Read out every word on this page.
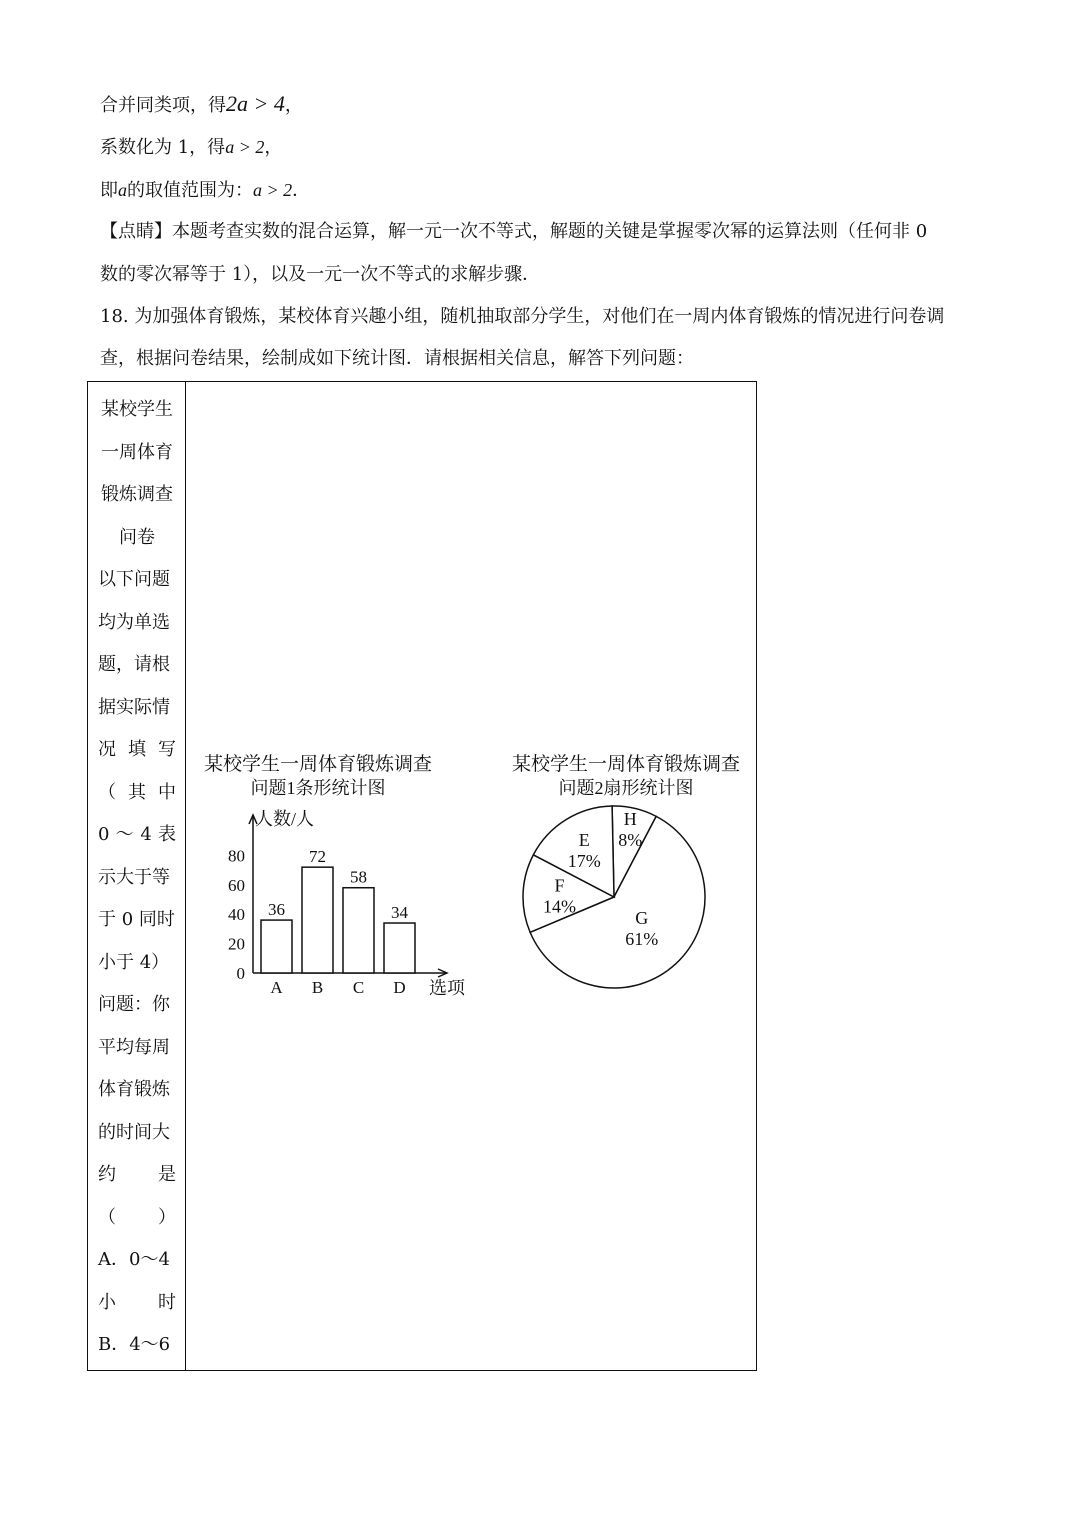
合并同类项，得2a > 4，
系数化为 1，得a > 2，
即a的取值范围为：a > 2．
【点睛】本题考查实数的混合运算，解一元一次不等式，解题的关键是掌握零次幂的运算法则（任何非 0
数的零次幂等于 1），以及一元一次不等式的求解步骤．
18. 为加强体育锻炼，某校体育兴趣小组，随机抽取部分学生，对他们在一周内体育锻炼的情况进行问卷调
查，根据问卷结果，绘制成如下统计图．请根据相关信息，解答下列问题：
某校学生
一周体育
锻炼调查
问卷
以下问题
均为单选
题，请根
据实际情
况 填 写
（ 其 中
0 ～ 4 表
示大于等
于 0 同时
小于 4）
问题：你
平均每周
体育锻炼
的时间大
约 是
（ ）
A．0～4
小 时
B．4～6
某校学生一周体育锻炼调查
问题1条形统计图
人数/人
选项
0
20
40
60
80
36
A
72
B
58
C
34
D
某校学生一周体育锻炼调查
问题2扇形统计图
H
8%
G
61%
F
14%
E
17%
